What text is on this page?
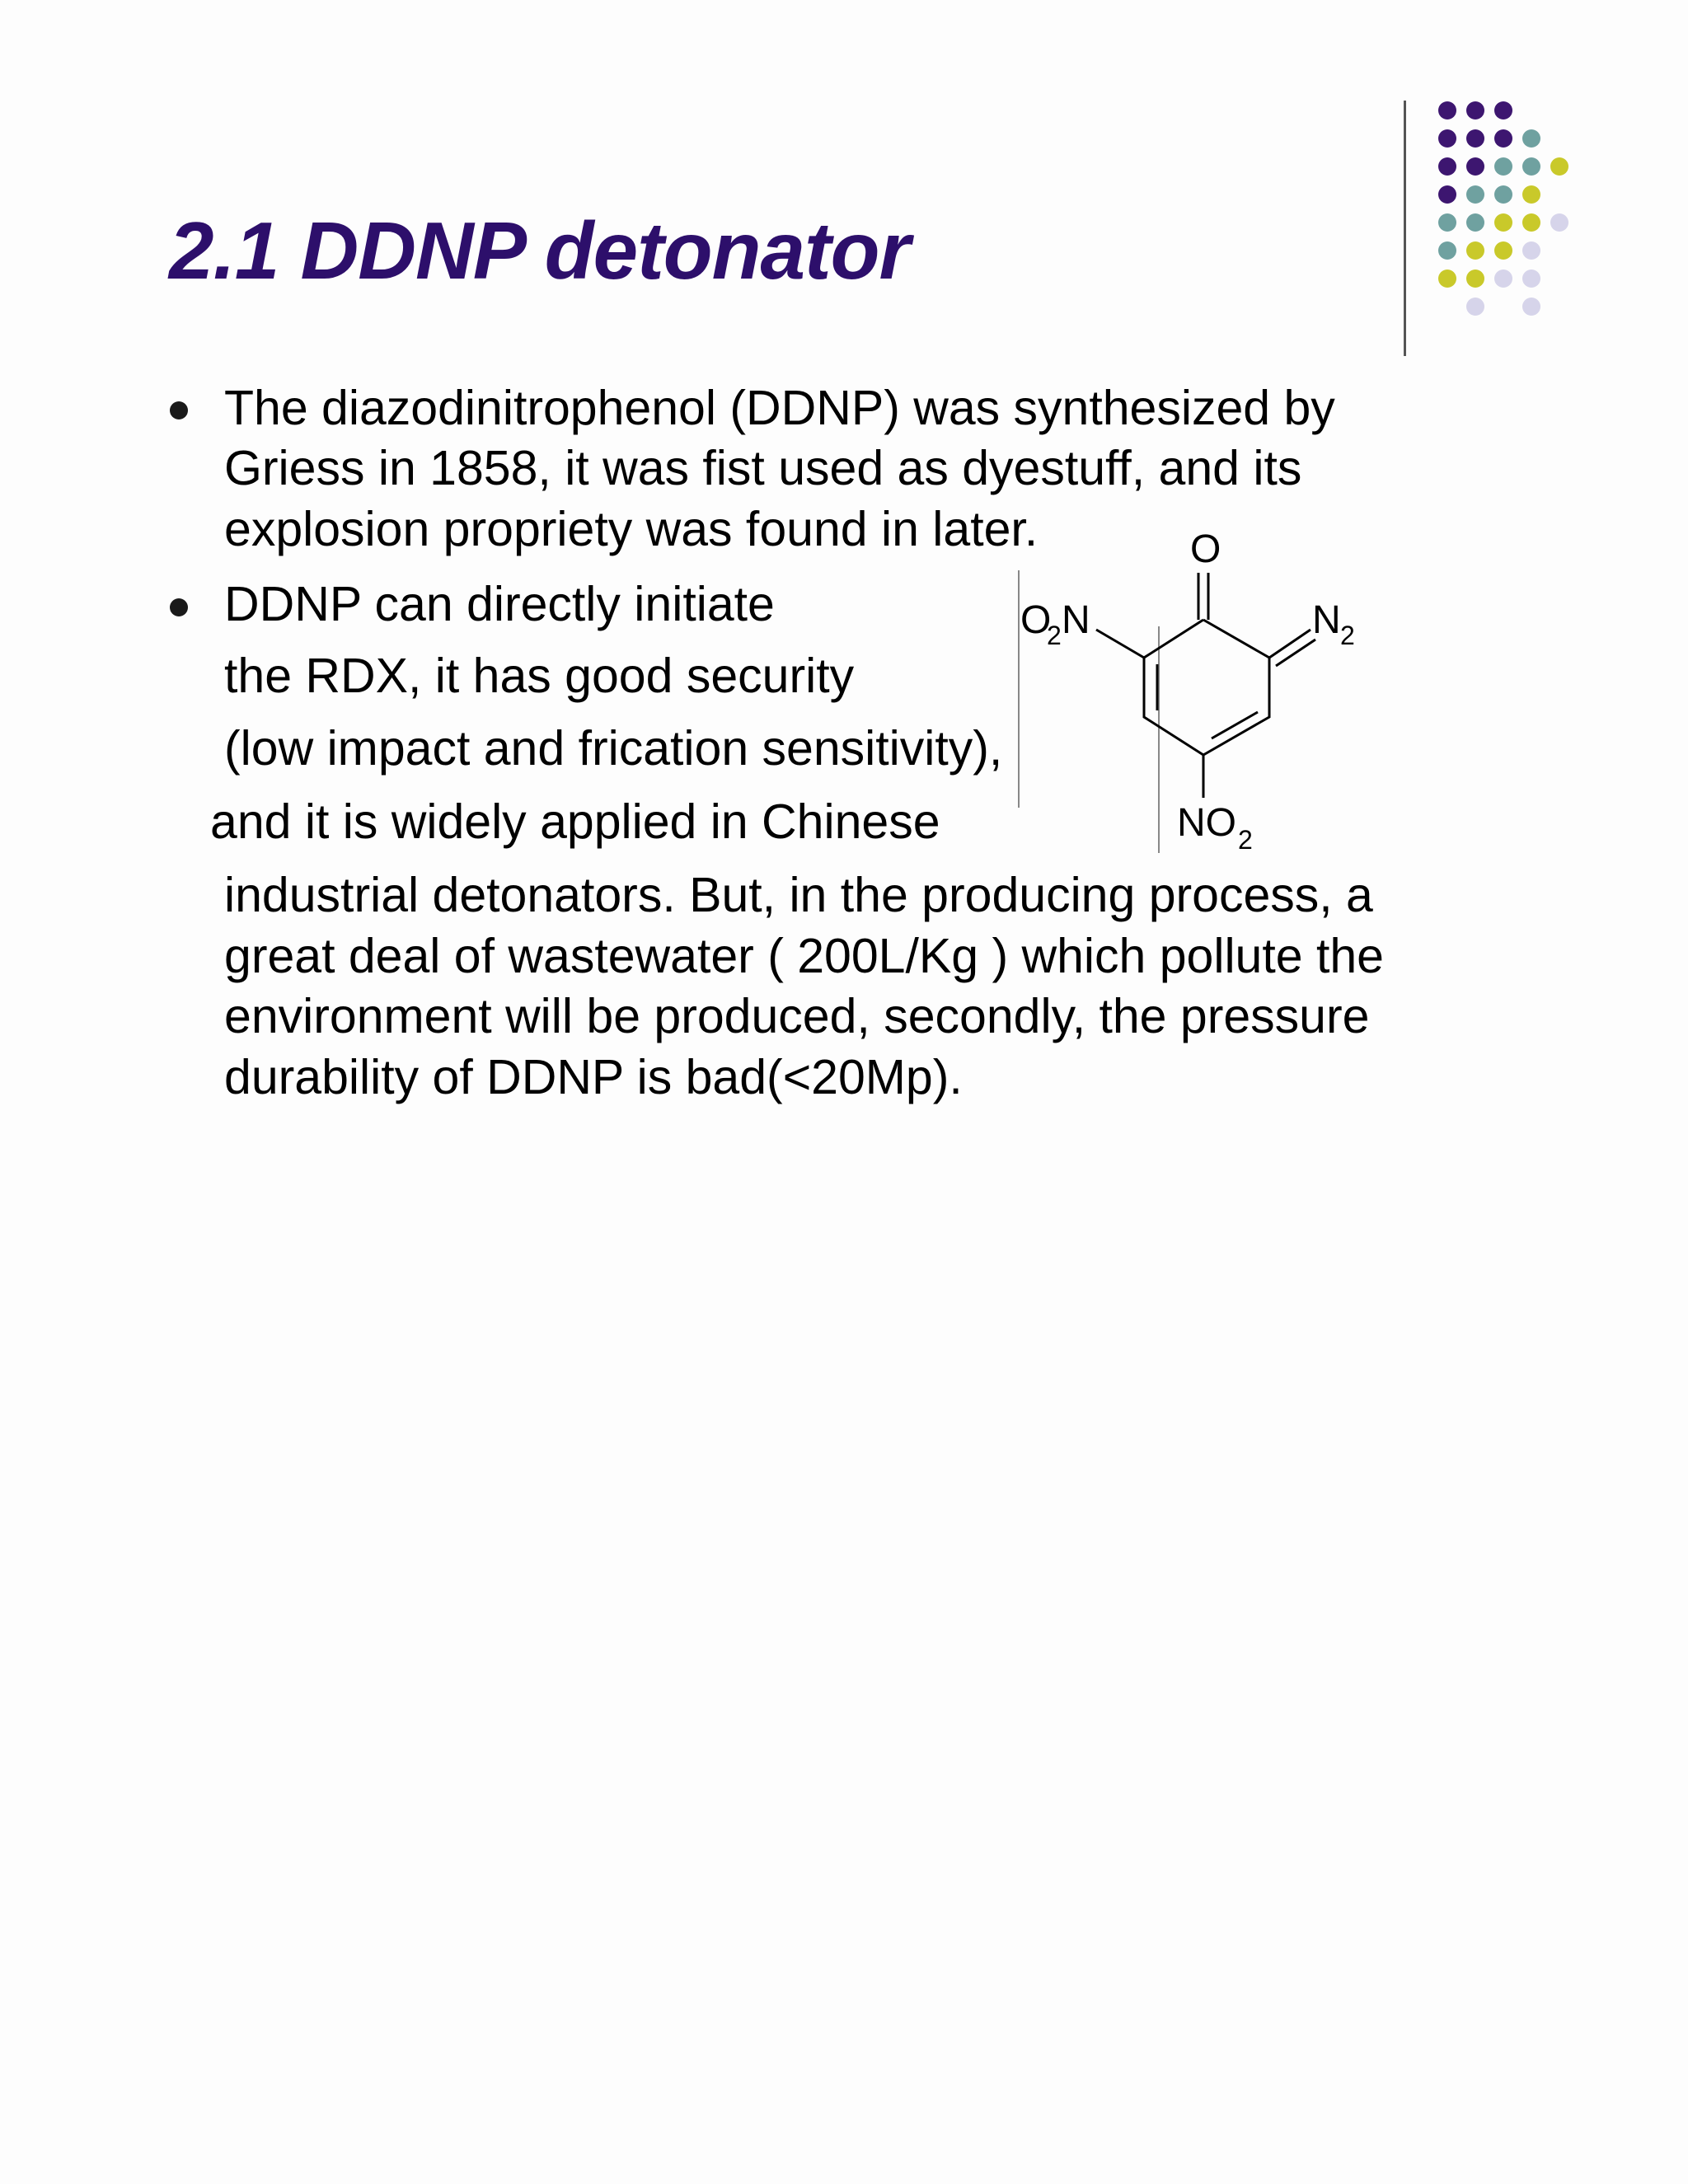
2.1 DDNP detonator
The diazodinitrophenol (DDNP) was synthesized by
Griess in 1858, it was fist used as dyestuff, and its
explosion propriety was found in later.
DDNP can directly initiate
the RDX, it has good security
(low impact and frication sensitivity),
and it is widely applied in Chinese
industrial detonators. But, in the producing process, a
great deal of wastewater ( 200L/Kg ) which pollute the
environment will be produced, secondly, the pressure
durability of DDNP is bad(<20Mp).
O
O
2 N	N 2
NO 2
